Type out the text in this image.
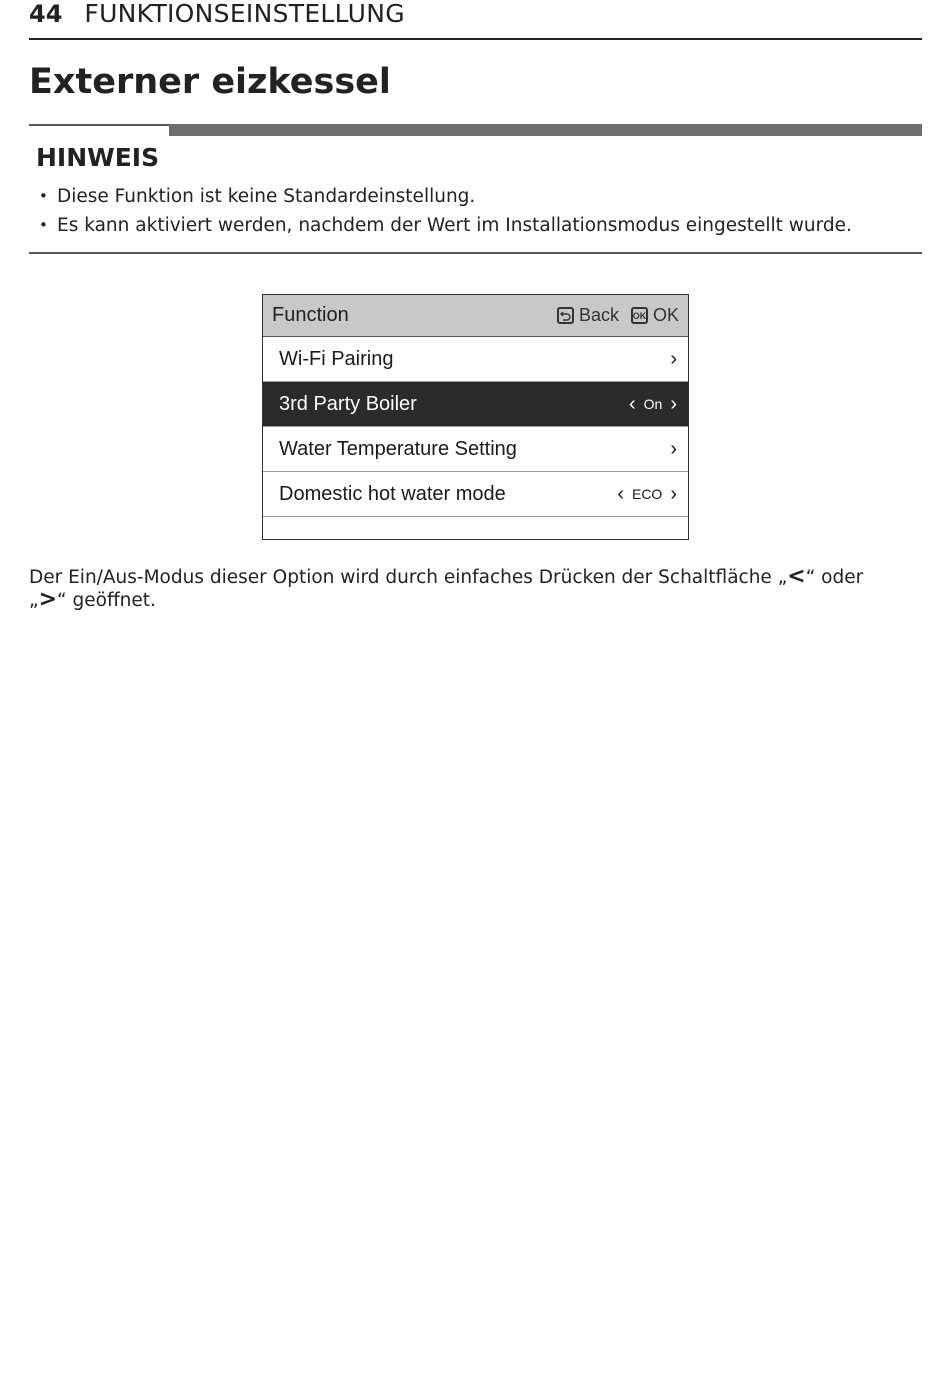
44 FUNKTIONSEINSTELLUNG
Externer eizkessel
HINWEIS
• Diese Funktion ist keine Standardeinstellung.
• Es kann aktiviert werden, nachdem der Wert im Installationsmodus eingestellt wurde.
Function	Back OK OK
Wi-Fi Pairing	›
3rd Party Boiler	‹ On ›
Water Temperature Setting	›
Domestic hot water mode	‹ ECO ›

Der Ein/Aus-Modus dieser Option wird durch einfaches Drücken der Schaltfläche „<“ oder „>“ geöffnet.
